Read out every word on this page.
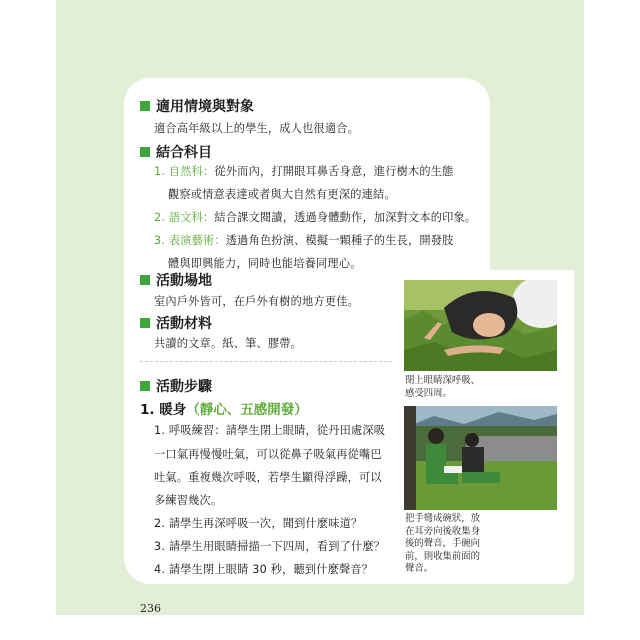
適用情境與對象
適合高年級以上的學生，成人也很適合。
結合科目
1. 自然科：從外而內，打開眼耳鼻舌身意，進行樹木的生態
觀察或情意表達或者與大自然有更深的連結。
2. 語文科：結合課文閱讀，透過身體動作，加深對文本的印象。
3. 表演藝術：透過角色扮演、模擬一顆種子的生長，開發肢
體與即興能力，同時也能培養同理心。
活動場地
室內戶外皆可，在戶外有樹的地方更佳。
活動材料
共讀的文章。紙、筆、膠帶。
活動步驟
1. 暖身（靜心、五感開發）
1. 呼吸練習：請學生閉上眼睛，從丹田處深吸
一口氣再慢慢吐氣，可以從鼻子吸氣再從嘴巴
吐氣。重複幾次呼吸，若學生顯得浮躁，可以
多練習幾次。
2. 請學生再深呼吸一次，聞到什麼味道？
3. 請學生用眼睛掃描一下四周，看到了什麼？
4. 請學生閉上眼睛 30 秒，聽到什麼聲音？
閉上眼睛深呼吸、
感受四周。
把手彎成碗狀，放
在耳旁向後收集身
後的聲音，手碗向
前，則收集前面的
聲音。
236
